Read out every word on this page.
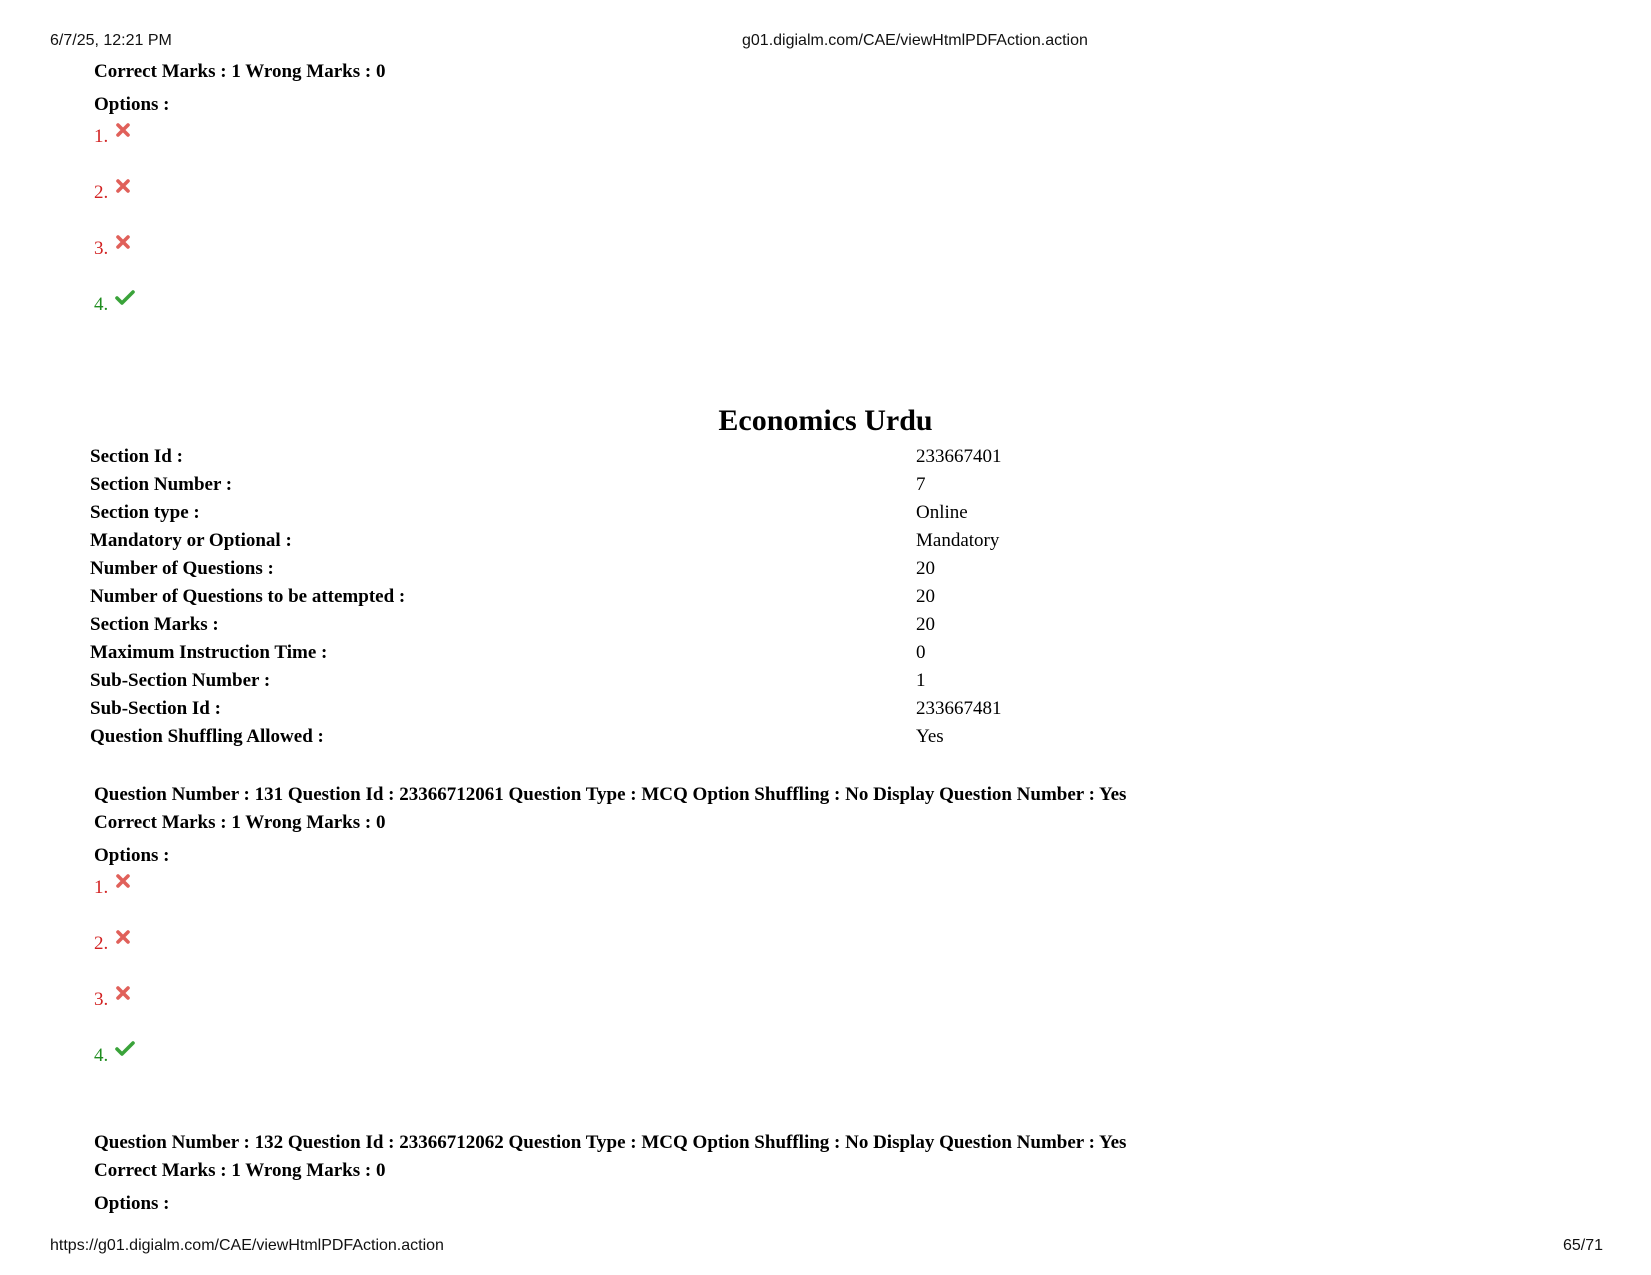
6/7/25, 12:21 PM	g01.digialm.com/CAE/viewHtmlPDFAction.action
Correct Marks : 1 Wrong Marks : 0
Options :
1.
2.
3.
4.
Economics Urdu
Section Id :	233667401
Section Number :	7
Section type :	Online
Mandatory or Optional :	Mandatory
Number of Questions :	20
Number of Questions to be attempted :	20
Section Marks :	20
Maximum Instruction Time :	0
Sub-Section Number :	1
Sub-Section Id :	233667481
Question Shuffling Allowed :	Yes
Question Number : 131 Question Id : 23366712061 Question Type : MCQ Option Shuffling : No Display Question Number : Yes
Correct Marks : 1 Wrong Marks : 0
Options :
1.
2.
3.
4.
Question Number : 132 Question Id : 23366712062 Question Type : MCQ Option Shuffling : No Display Question Number : Yes
Correct Marks : 1 Wrong Marks : 0
Options :
https://g01.digialm.com/CAE/viewHtmlPDFAction.action	65/71
